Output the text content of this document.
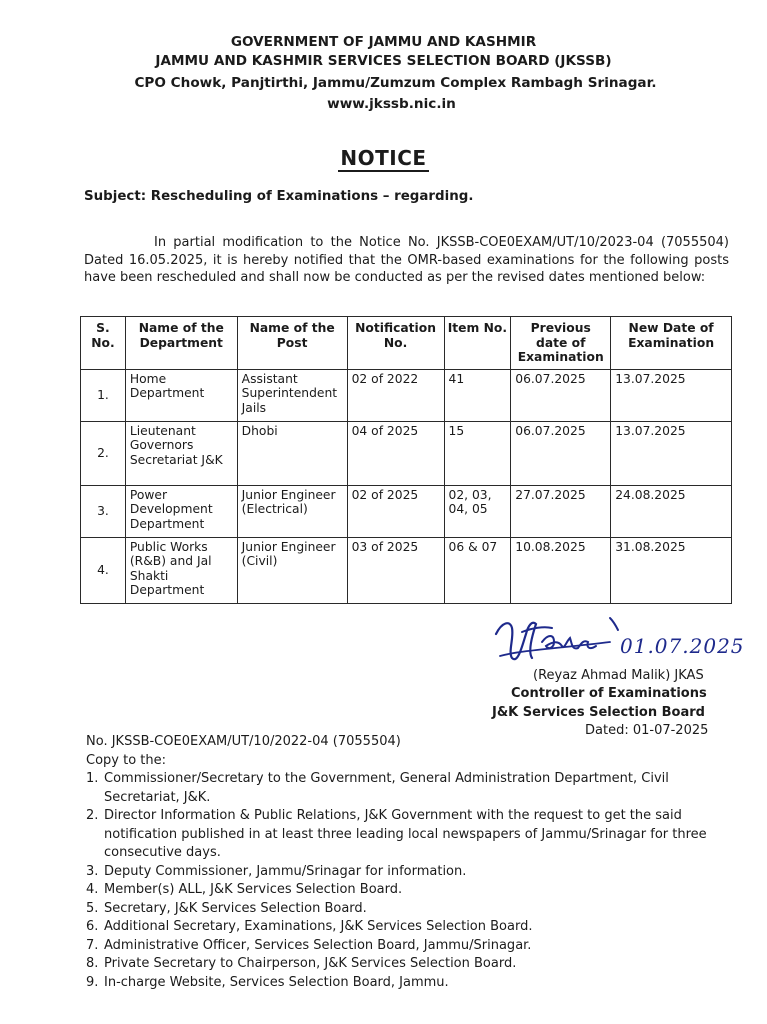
GOVERNMENT OF JAMMU AND KASHMIR
JAMMU AND KASHMIR SERVICES SELECTION BOARD (JKSSB)
CPO Chowk, Panjtirthi, Jammu/Zumzum Complex Rambagh Srinagar.
www.jkssb.nic.in
NOTICE
Subject: Rescheduling of Examinations – regarding.
In partial modification to the Notice No. JKSSB-COE0EXAM/UT/10/2023-04 (7055504) Dated 16.05.2025, it is hereby notified that the OMR-based examinations for the following posts have been rescheduled and shall now be conducted as per the revised dates mentioned below:
S. No.	Name of the Department	Name of the Post	Notification No.	Item No.	Previous date of Examination	New Date of Examination
1.	Home Department	Assistant Superintendent Jails	02 of 2022	41	06.07.2025	13.07.2025
2.	Lieutenant Governors Secretariat J&K	Dhobi	04 of 2025	15	06.07.2025	13.07.2025
3.	Power Development Department	Junior Engineer (Electrical)	02 of 2025	02, 03, 04, 05	27.07.2025	24.08.2025
4.	Public Works (R&B) and Jal Shakti Department	Junior Engineer (Civil)	03 of 2025	06 & 07	10.08.2025	31.08.2025
01.07.2025
(Reyaz Ahmad Malik) JKAS
Controller of Examinations
J&K Services Selection Board
Dated: 01-07-2025
No. JKSSB-COE0EXAM/UT/10/2022-04 (7055504)
Copy to the:
1. Commissioner/Secretary to the Government, General Administration Department, Civil Secretariat, J&K.
2. Director Information & Public Relations, J&K Government with the request to get the said notification published in at least three leading local newspapers of Jammu/Srinagar for three consecutive days.
3. Deputy Commissioner, Jammu/Srinagar for information.
4. Member(s) ALL, J&K Services Selection Board.
5. Secretary, J&K Services Selection Board.
6. Additional Secretary, Examinations, J&K Services Selection Board.
7. Administrative Officer, Services Selection Board, Jammu/Srinagar.
8. Private Secretary to Chairperson, J&K Services Selection Board.
9. In-charge Website, Services Selection Board, Jammu.
